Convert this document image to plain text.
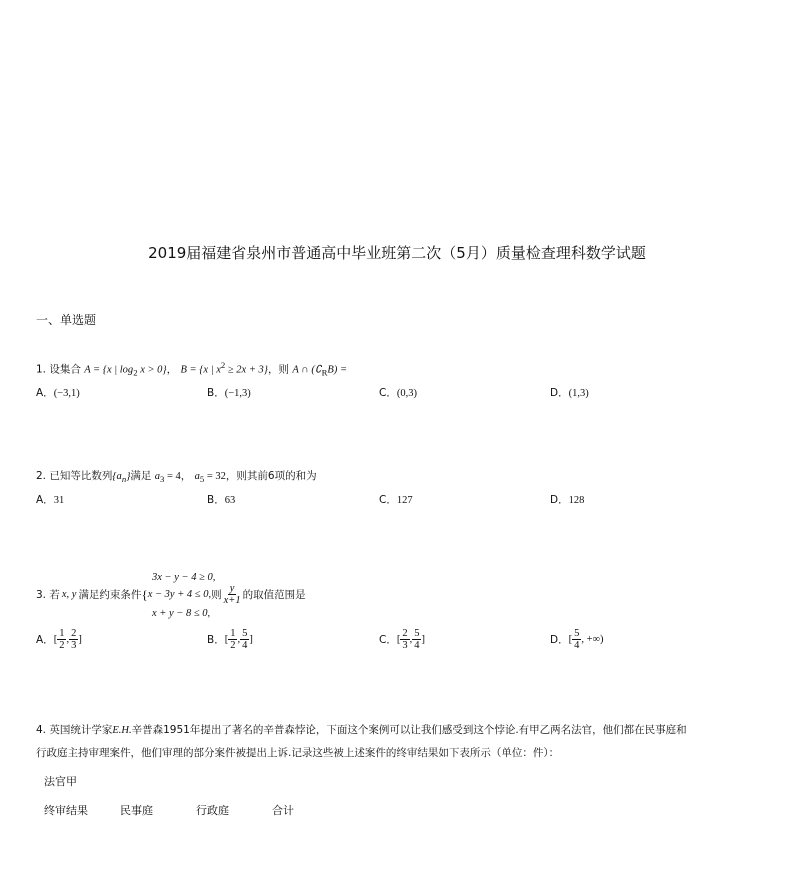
2019届福建省泉州市普通高中毕业班第二次（5月）质量检查理科数学试题
一、单选题
1. 设集合 A = {x | $\log_2 x > 0$}， B = {x | $x^2 \ge 2x + 3$}，则 A ∩ $(∁_RB)$ =
A．(−3,1)	B．(−1,3)	C．(0,3)	D．(1,3)
2. 已知等比数列$\{a_n\}$满足 $a_3 = 4$， $a_5 = 32$，则其前6项的和为
A．31	B．63	C．127	D．128
3x − y − 4 ≥ 0,
x + y − 8 ≤ 0,
3. 若 x, y 满足约束条件 { x − 3y + 4 ≤ 0, 则 $\frac{y}{x+1}$ 的取值范围是
A． [ $\frac{1}{2}$ , $\frac{2}{3}$ ]	B． [ $\frac{1}{2}$ , $\frac{5}{4}$ ]	C． [ $\frac{2}{3}$ , $\frac{5}{4}$ ]	D． [ $\frac{5}{4}$ , +∞)
4. 英国统计学家E.H.辛普森1951年提出了著名的辛普森悖论，下面这个案例可以让我们感受到这个悖论.有甲乙两名法官，他们都在民事庭和
行政庭主持审理案件，他们审理的部分案件被提出上诉.记录这些被上述案件的终审结果如下表所示（单位：件）：
法官甲
终审结果	民事庭	行政庭	合计
